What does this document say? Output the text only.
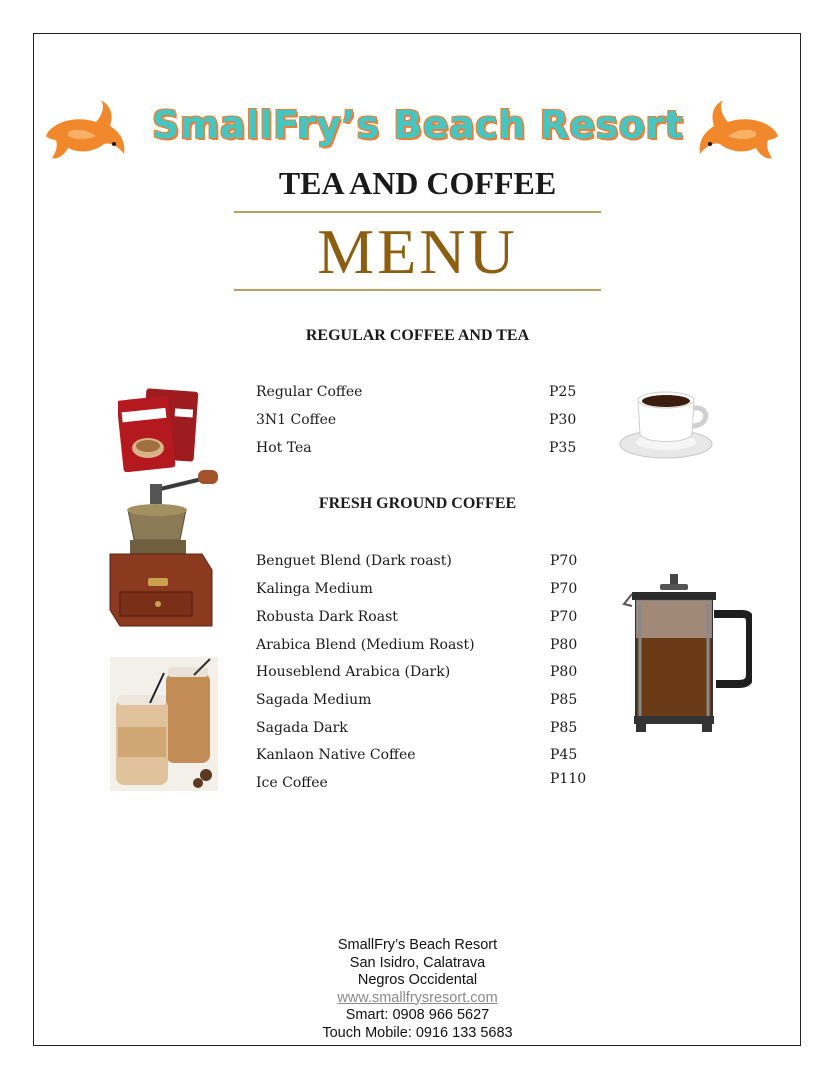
SmallFry’s Beach Resort
TEA AND COFFEE
MENU
REGULAR COFFEE AND TEA
Regular Coffee	P25
3N1 Coffee	P30
Hot Tea	P35
FRESH GROUND COFFEE
Benguet Blend (Dark roast)	P70
Kalinga Medium	P70
Robusta Dark Roast	P70
Arabica Blend (Medium Roast)	P80
Houseblend Arabica (Dark)	P80
Sagada Medium	P85
Sagada Dark	P85
Kanlaon Native Coffee	P45
Ice Coffee	P110
SmallFry’s Beach Resort
San Isidro, Calatrava
Negros Occidental
www.smallfrysresort.com
Smart: 0908 966 5627
Touch Mobile: 0916 133 5683
